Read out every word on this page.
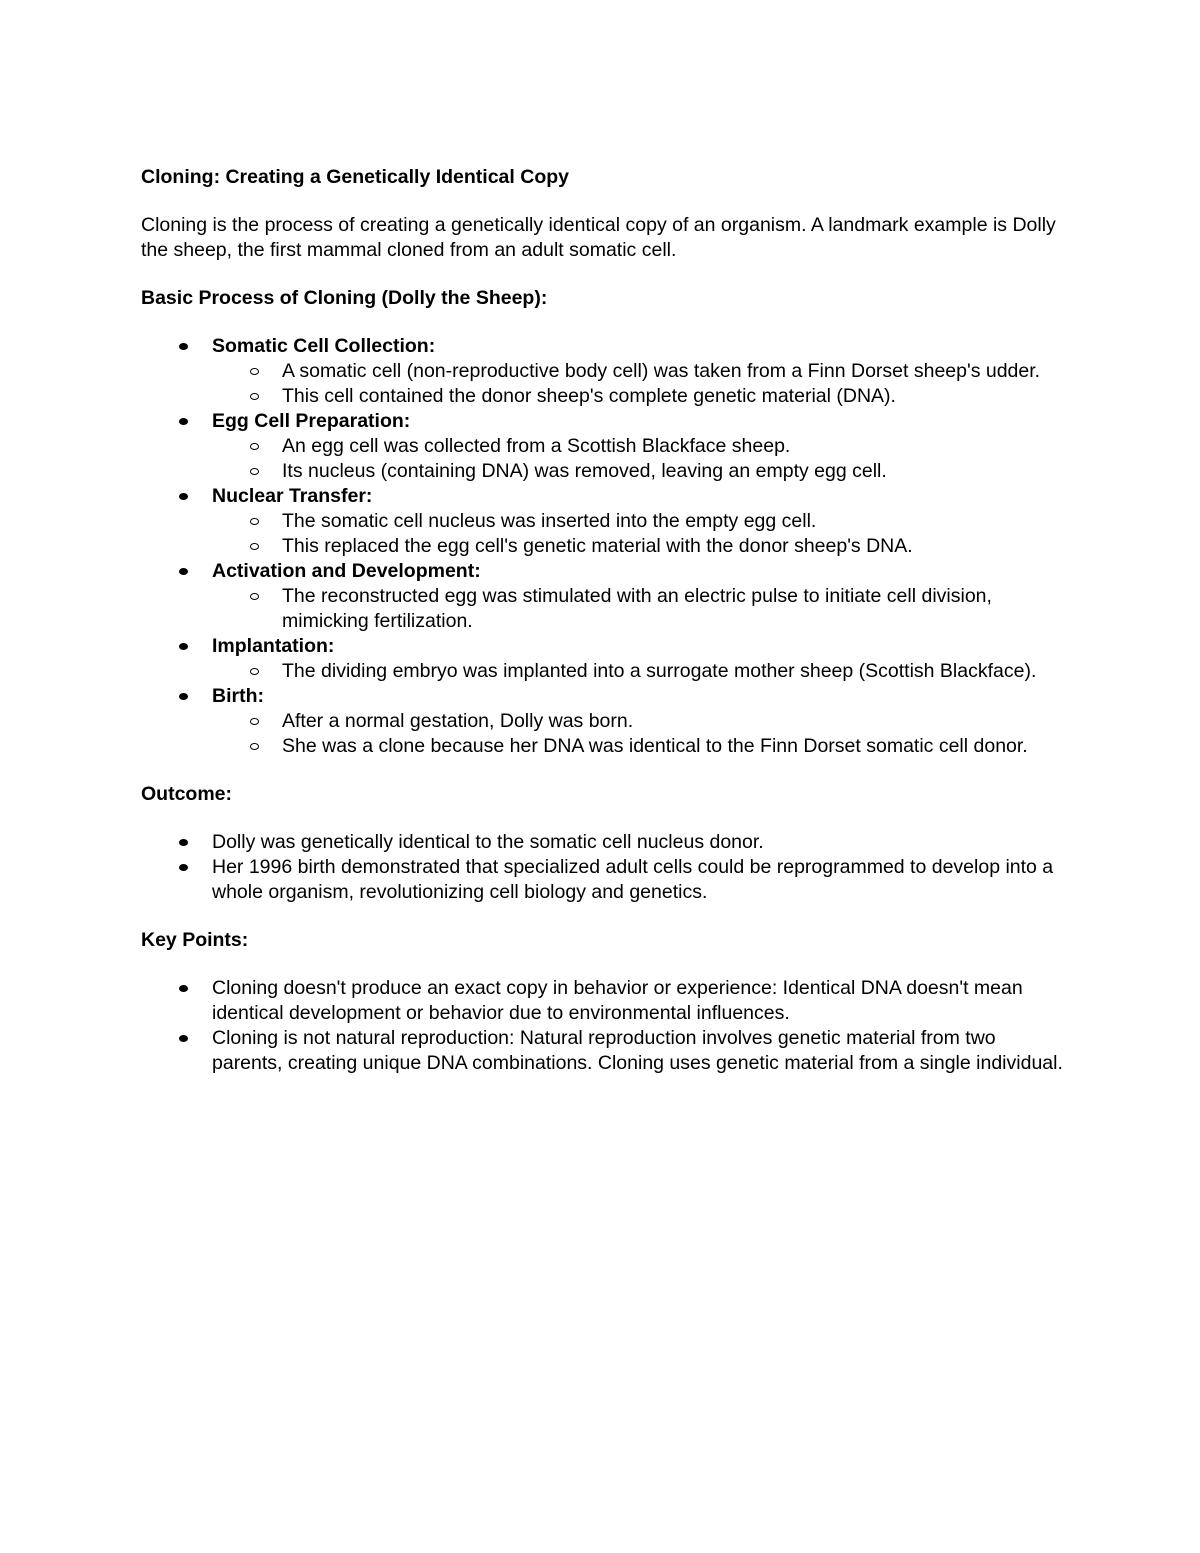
Cloning: Creating a Genetically Identical Copy
Cloning is the process of creating a genetically identical copy of an organism. A landmark example is Dolly the sheep, the first mammal cloned from an adult somatic cell.
Basic Process of Cloning (Dolly the Sheep):
Somatic Cell Collection:
A somatic cell (non-reproductive body cell) was taken from a Finn Dorset sheep's udder.
This cell contained the donor sheep's complete genetic material (DNA).
Egg Cell Preparation:
An egg cell was collected from a Scottish Blackface sheep.
Its nucleus (containing DNA) was removed, leaving an empty egg cell.
Nuclear Transfer:
The somatic cell nucleus was inserted into the empty egg cell.
This replaced the egg cell's genetic material with the donor sheep's DNA.
Activation and Development:
The reconstructed egg was stimulated with an electric pulse to initiate cell division, mimicking fertilization.
Implantation:
The dividing embryo was implanted into a surrogate mother sheep (Scottish Blackface).
Birth:
After a normal gestation, Dolly was born.
She was a clone because her DNA was identical to the Finn Dorset somatic cell donor.
Outcome:
Dolly was genetically identical to the somatic cell nucleus donor.
Her 1996 birth demonstrated that specialized adult cells could be reprogrammed to develop into a whole organism, revolutionizing cell biology and genetics.
Key Points:
Cloning doesn't produce an exact copy in behavior or experience: Identical DNA doesn't mean identical development or behavior due to environmental influences.
Cloning is not natural reproduction: Natural reproduction involves genetic material from two parents, creating unique DNA combinations. Cloning uses genetic material from a single individual.
